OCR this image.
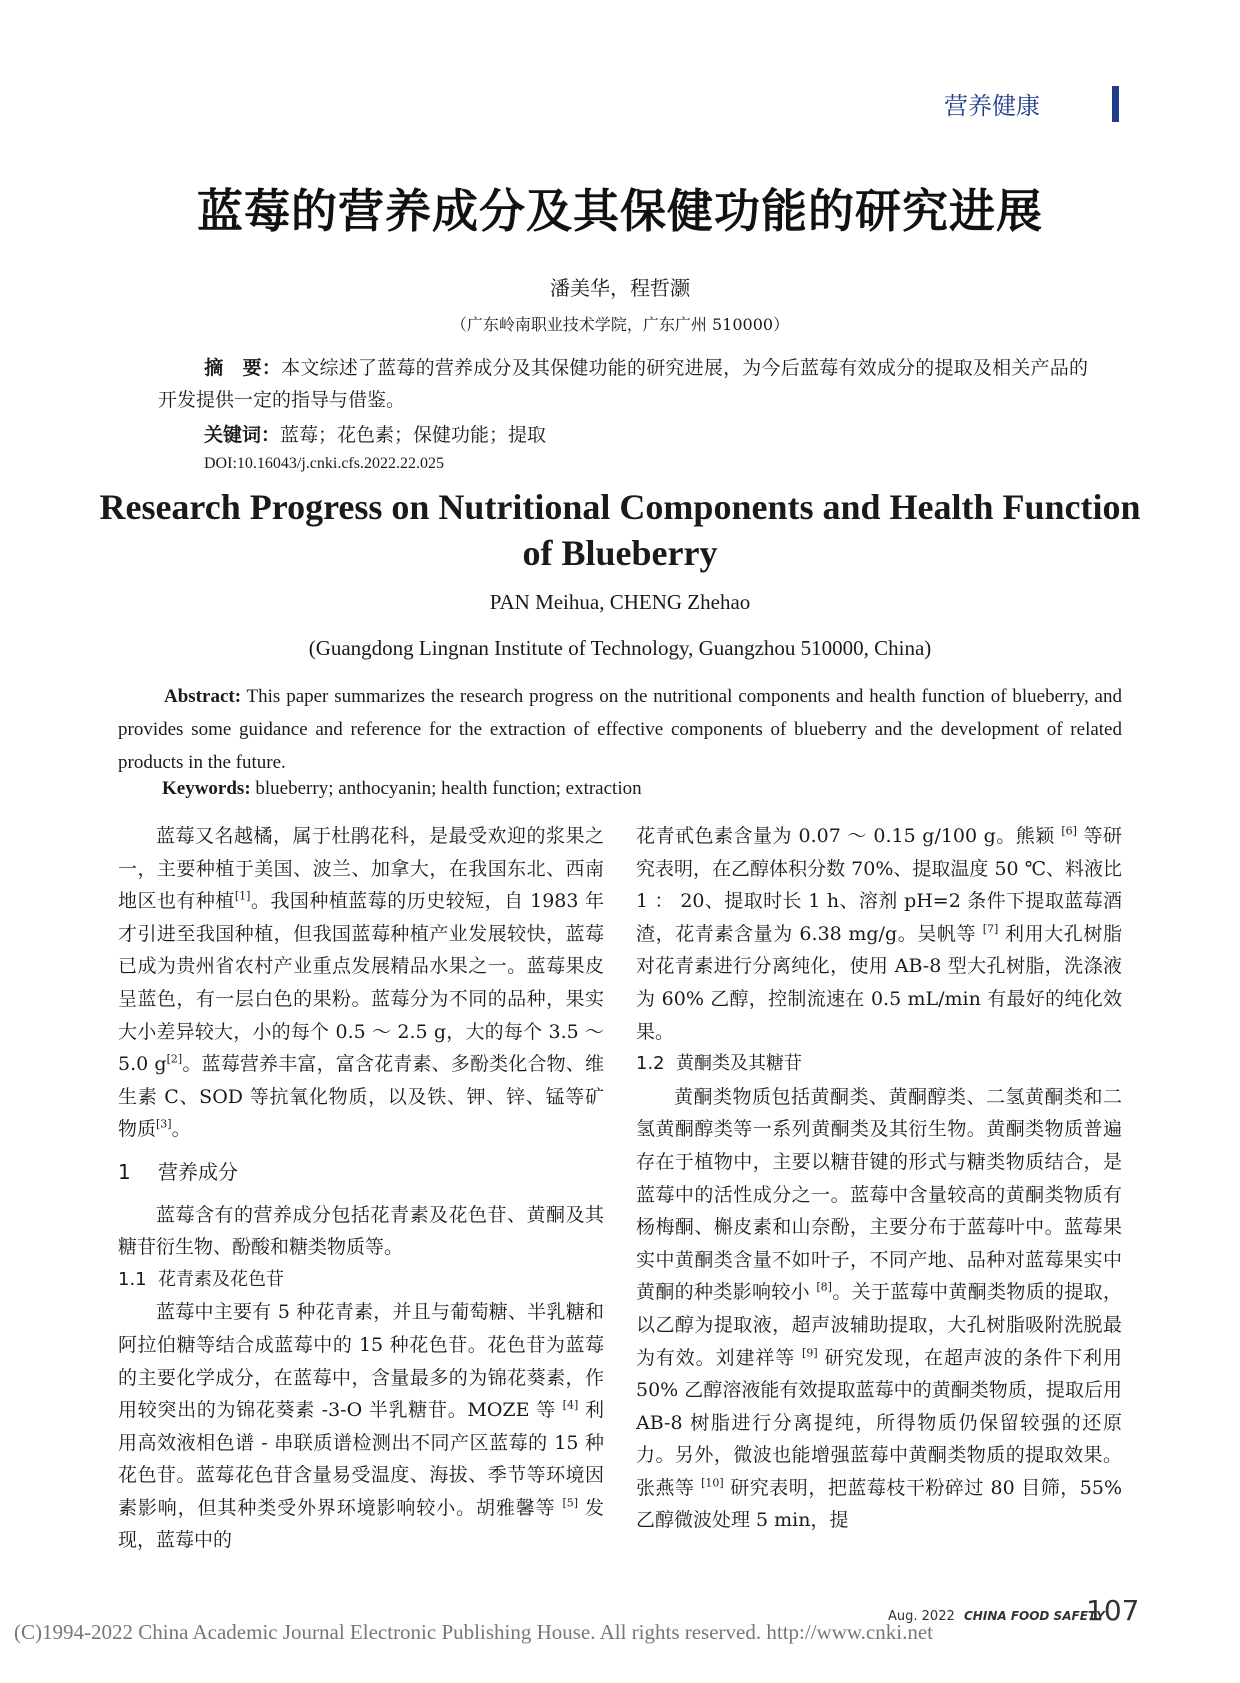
营养健康
蓝莓的营养成分及其保健功能的研究进展
潘美华，程哲灏
（广东岭南职业技术学院，广东广州 510000）
摘　要：本文综述了蓝莓的营养成分及其保健功能的研究进展，为今后蓝莓有效成分的提取及相关产品的开发提供一定的指导与借鉴。
关键词：蓝莓；花色素；保健功能；提取
DOI:10.16043/j.cnki.cfs.2022.22.025
Research Progress on Nutritional Components and Health Function of Blueberry
PAN Meihua, CHENG Zhehao
(Guangdong Lingnan Institute of Technology, Guangzhou 510000, China)
Abstract: This paper summarizes the research progress on the nutritional components and health function of blueberry, and provides some guidance and reference for the extraction of effective components of blueberry and the development of related products in the future.
Keywords: blueberry; anthocyanin; health function; extraction

蓝莓又名越橘，属于杜鹃花科，是最受欢迎的浆果之一，主要种植于美国、波兰、加拿大，在我国东北、西南地区也有种植[1]。我国种植蓝莓的历史较短，自 1983 年才引进至我国种植，但我国蓝莓种植产业发展较快，蓝莓已成为贵州省农村产业重点发展精品水果之一。蓝莓果皮呈蓝色，有一层白色的果粉。蓝莓分为不同的品种，果实大小差异较大，小的每个 0.5 ～ 2.5 g，大的每个 3.5 ～ 5.0 g[2]。蓝莓营养丰富，富含花青素、多酚类化合物、维生素 C、SOD 等抗氧化物质，以及铁、钾、锌、锰等矿物质[3]。

1 营养成分

蓝莓含有的营养成分包括花青素及花色苷、黄酮及其糖苷衍生物、酚酸和糖类物质等。

1.1 花青素及花色苷

蓝莓中主要有 5 种花青素，并且与葡萄糖、半乳糖和阿拉伯糖等结合成蓝莓中的 15 种花色苷。花色苷为蓝莓的主要化学成分，在蓝莓中，含量最多的为锦花葵素，作用较突出的为锦花葵素 -3-O 半乳糖苷。MOZE 等 [4] 利用高效液相色谱 - 串联质谱检测出不同产区蓝莓的 15 种花色苷。蓝莓花色苷含量易受温度、海拔、季节等环境因素影响，但其种类受外界环境影响较小。胡雅馨等 [5] 发现，蓝莓中的

花青甙色素含量为 0.07 ～ 0.15 g/100 g。熊颖 [6] 等研究表明，在乙醇体积分数 70%、提取温度 50 ℃、料液比 1 ： 20、提取时长 1 h、溶剂 pH=2 条件下提取蓝莓酒渣，花青素含量为 6.38 mg/g。吴帆等 [7] 利用大孔树脂对花青素进行分离纯化，使用 AB-8 型大孔树脂，洗涤液为 60% 乙醇，控制流速在 0.5 mL/min 有最好的纯化效果。

1.2 黄酮类及其糖苷

黄酮类物质包括黄酮类、黄酮醇类、二氢黄酮类和二氢黄酮醇类等一系列黄酮类及其衍生物。黄酮类物质普遍存在于植物中，主要以糖苷键的形式与糖类物质结合，是蓝莓中的活性成分之一。蓝莓中含量较高的黄酮类物质有杨梅酮、槲皮素和山奈酚，主要分布于蓝莓叶中。蓝莓果实中黄酮类含量不如叶子，不同产地、品种对蓝莓果实中黄酮的种类影响较小 [8]。关于蓝莓中黄酮类物质的提取，以乙醇为提取液，超声波辅助提取，大孔树脂吸附洗脱最为有效。刘建祥等 [9] 研究发现，在超声波的条件下利用 50% 乙醇溶液能有效提取蓝莓中的黄酮类物质，提取后用 AB-8 树脂进行分离提纯，所得物质仍保留较强的还原力。另外，微波也能增强蓝莓中黄酮类物质的提取效果。张燕等 [10] 研究表明，把蓝莓枝干粉碎过 80 目筛，55% 乙醇微波处理 5 min，提

Aug. 2022 CHINA FOOD SAFETY
107
(C)1994-2022 China Academic Journal Electronic Publishing House. All rights reserved. http://www.cnki.net
